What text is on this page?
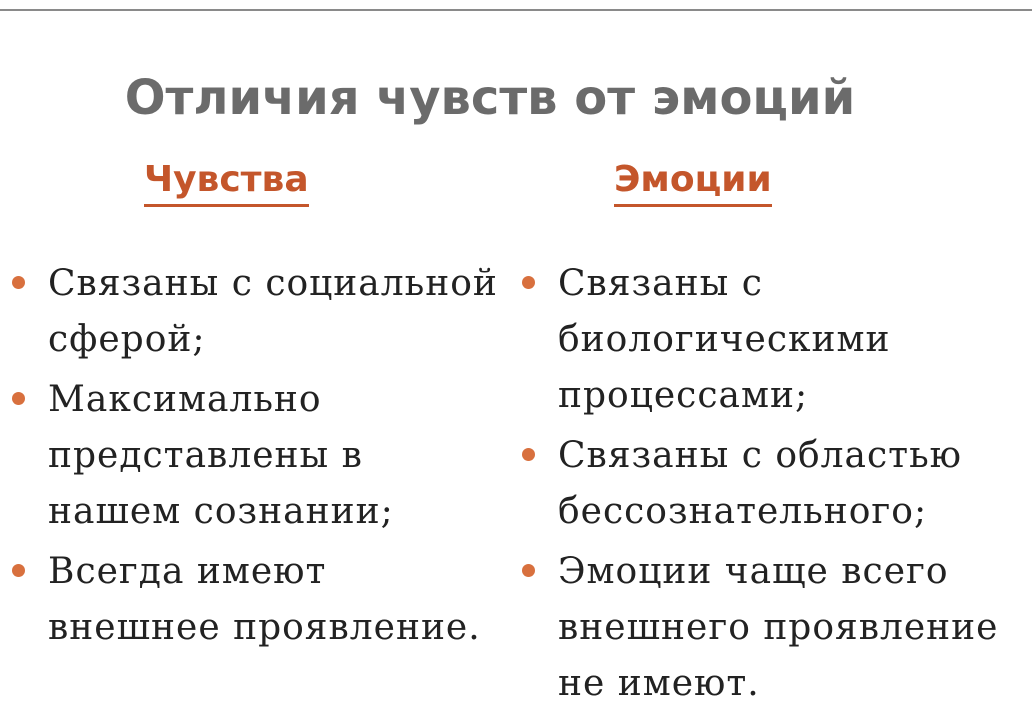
Отличия чувств от эмоций
Чувства	Эмоции
Связаны с социальной сферой;
Максимально представлены в нашем сознании;
Всегда имеют внешнее проявление.
Связаны с биологическими процессами;
Связаны с областью бессознательного;
Эмоции чаще всего внешнего проявление не имеют.
